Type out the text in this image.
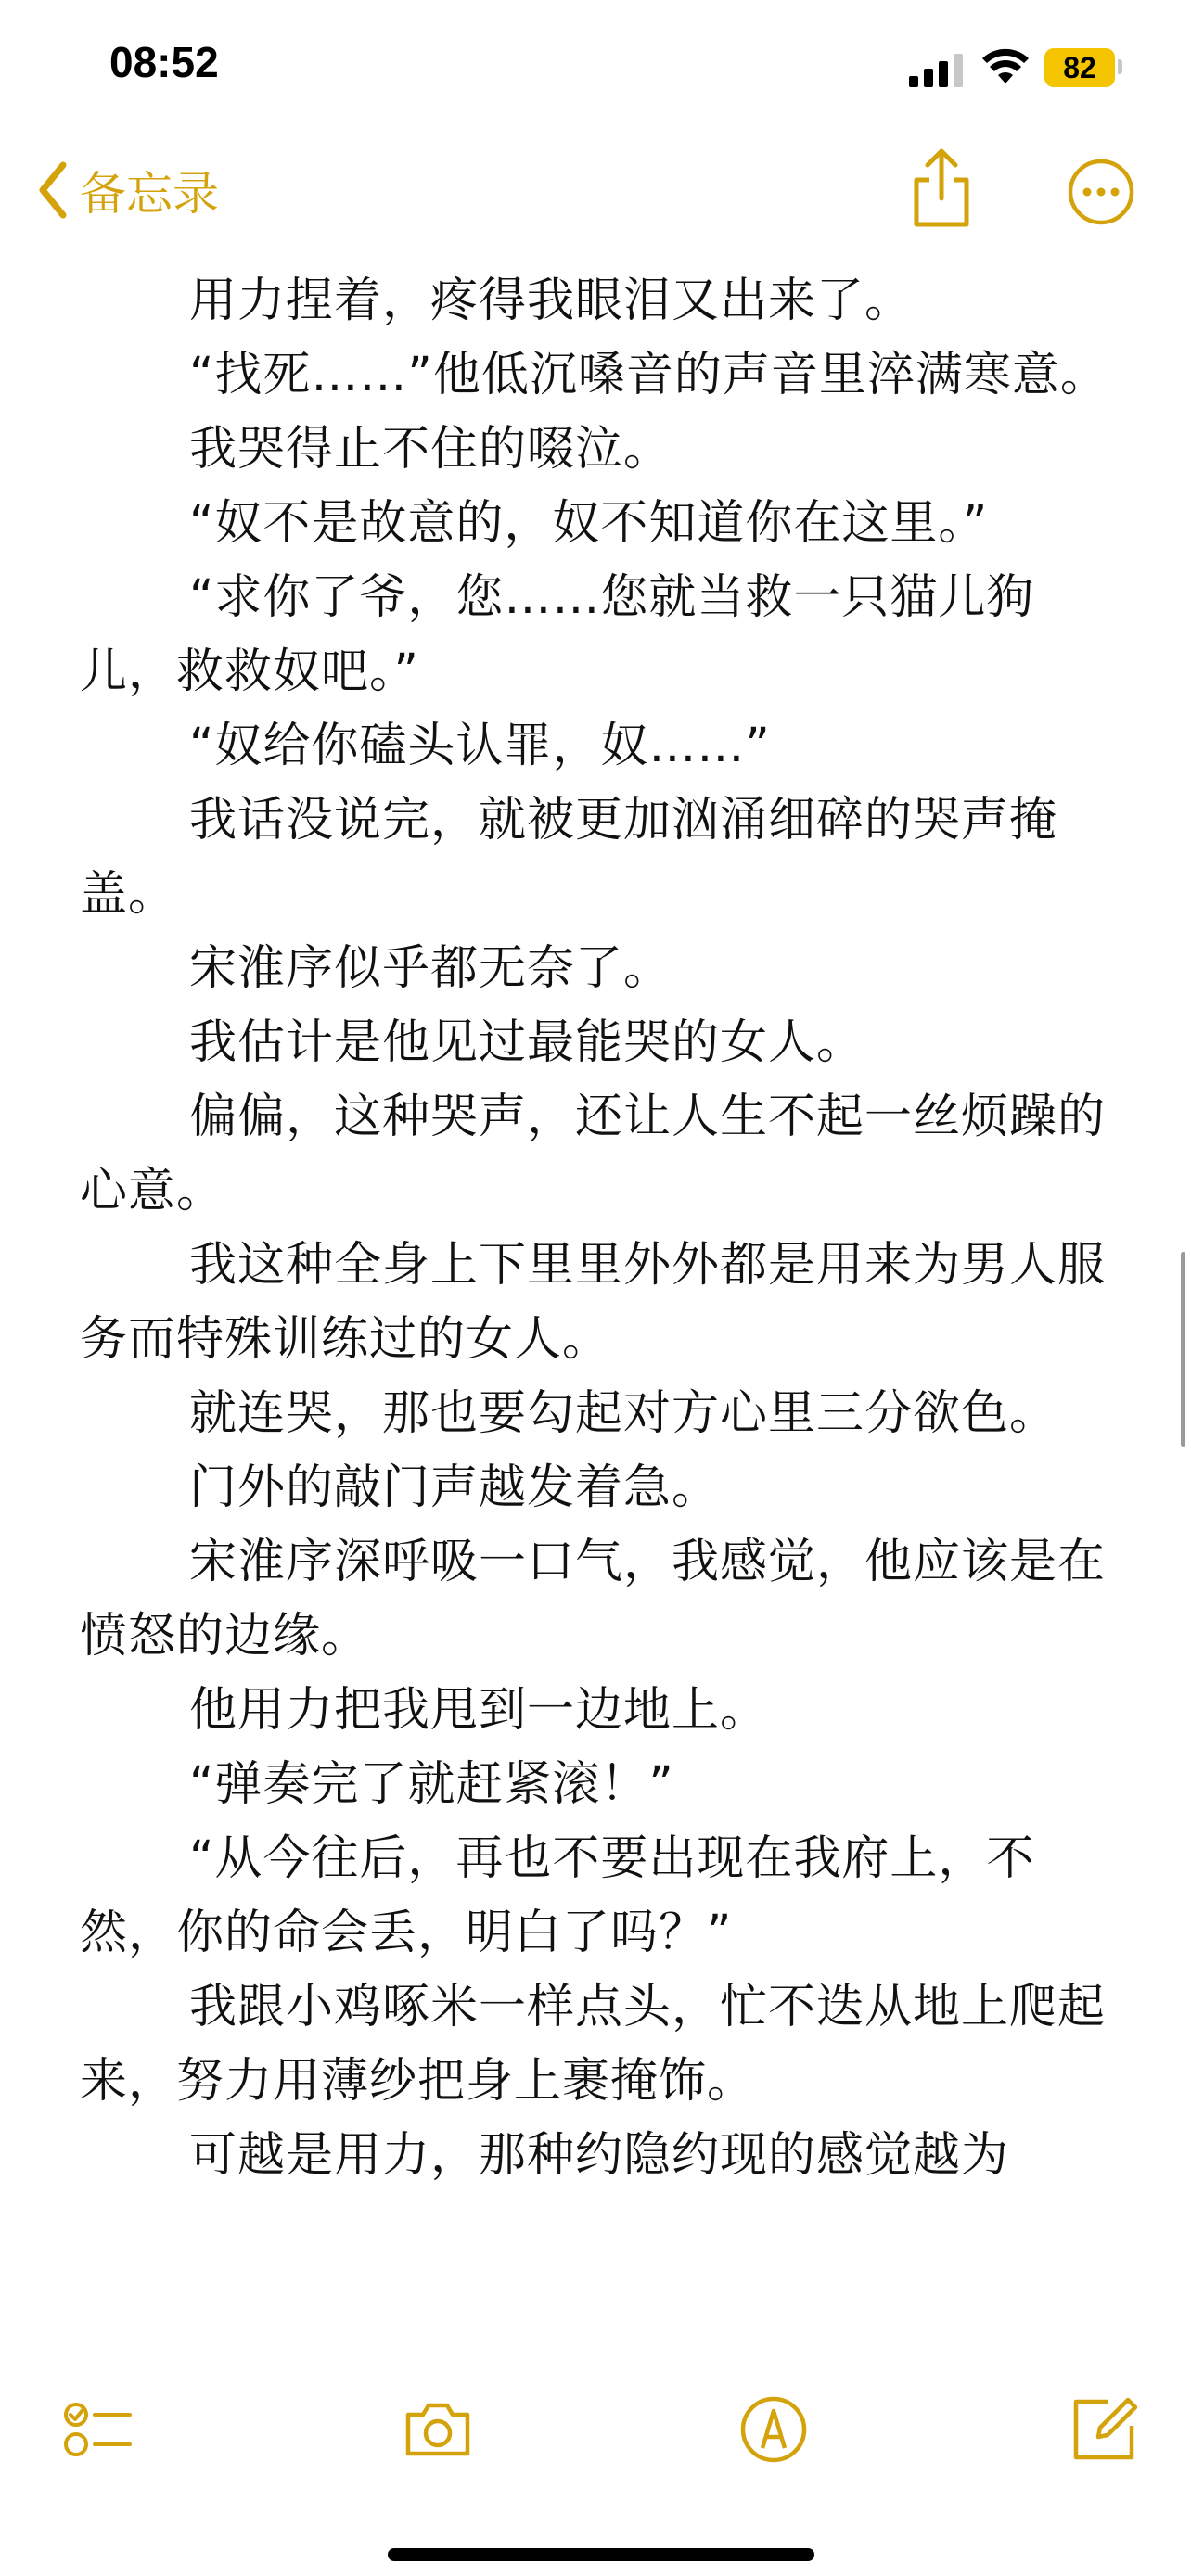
08:52	82

备忘录

用力捏着，疼得我眼泪又出来了。

“找死……”他低沉嗓音的声音里淬满寒意。

我哭得止不住的啜泣。

“奴不是故意的，奴不知道你在这里。”

“求你了爷，您……您就当救一只猫儿狗儿，救救奴吧。”

“奴给你磕头认罪，奴……”

我话没说完，就被更加汹涌细碎的哭声掩盖。

宋淮序似乎都无奈了。

我估计是他见过最能哭的女人。

偏偏，这种哭声，还让人生不起一丝烦躁的心意。

我这种全身上下里里外外都是用来为男人服务而特殊训练过的女人。

就连哭，那也要勾起对方心里三分欲色。

门外的敲门声越发着急。

宋淮序深呼吸一口气，我感觉，他应该是在愤怒的边缘。

他用力把我甩到一边地上。

“弹奏完了就赶紧滚！”

“从今往后，再也不要出现在我府上，不然，你的命会丢，明白了吗？”

我跟小鸡啄米一样点头，忙不迭从地上爬起来，努力用薄纱把身上裹掩饰。

可越是用力，那种约隐约现的感觉越为
